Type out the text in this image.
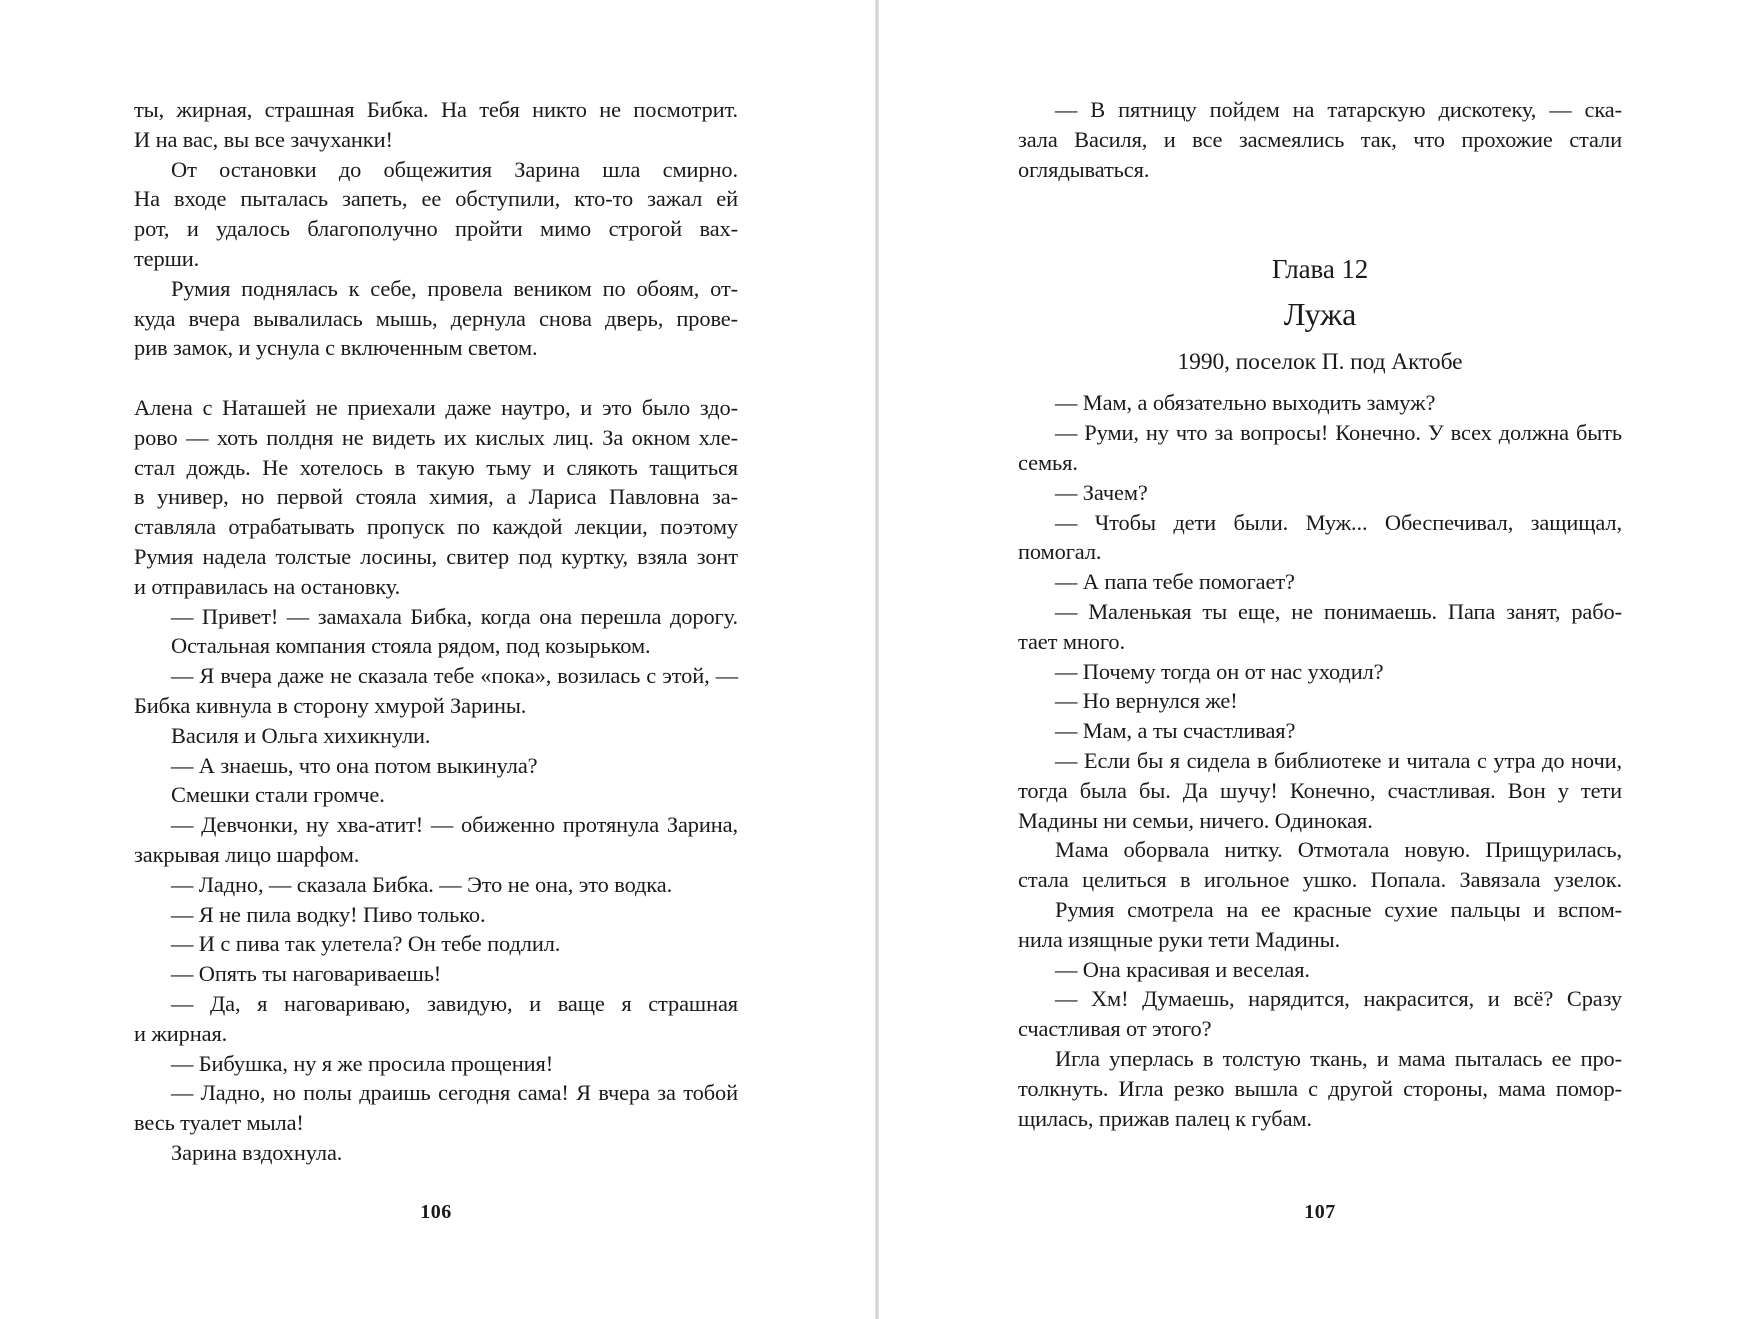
ты, жирная, страшная Бибка. На тебя никто не посмотрит.
И на вас, вы все зачуханки!
От остановки до общежития Зарина шла смирно.
На входе пыталась запеть, ее обступили, кто-то зажал ей
рот, и удалось благополучно пройти мимо строгой вах-
терши.
Румия поднялась к себе, провела веником по обоям, от-
куда вчера вывалилась мышь, дернула снова дверь, прове-
рив замок, и уснула с включенным светом.
Алена с Наташей не приехали даже наутро, и это было здо-
рово — хоть полдня не видеть их кислых лиц. За окном хле-
стал дождь. Не хотелось в такую тьму и слякоть тащиться
в универ, но первой стояла химия, а Лариса Павловна за-
ставляла отрабатывать пропуск по каждой лекции, поэтому
Румия надела толстые лосины, свитер под куртку, взяла зонт
и отправилась на остановку.
— Привет! — замахала Бибка, когда она перешла дорогу.
Остальная компания стояла рядом, под козырьком.
— Я вчера даже не сказала тебе «пока», возилась с этой, —
Бибка кивнула в сторону хмурой Зарины.
Василя и Ольга хихикнули.
— А знаешь, что она потом выкинула?
Смешки стали громче.
— Девчонки, ну хва-атит! — обиженно протянула Зарина,
закрывая лицо шарфом.
— Ладно, — сказала Бибка. — Это не она, это водка.
— Я не пила водку! Пиво только.
— И с пива так улетела? Он тебе подлил.
— Опять ты наговариваешь!
— Да, я наговариваю, завидую, и ваще я страшная
и жирная.
— Бибушка, ну я же просила прощения!
— Ладно, но полы драишь сегодня сама! Я вчера за тобой
весь туалет мыла!
Зарина вздохнула.
106
— В пятницу пойдем на татарскую дискотеку, — ска-
зала Василя, и все засмеялись так, что прохожие стали
оглядываться.
Глава 12
Лужа
1990, поселок П. под Актобе
— Мам, а обязательно выходить замуж?
— Руми, ну что за вопросы! Конечно. У всех должна быть
семья.
— Зачем?
— Чтобы дети были. Муж... Обеспечивал, защищал,
помогал.
— А папа тебе помогает?
— Маленькая ты еще, не понимаешь. Папа занят, рабо-
тает много.
— Почему тогда он от нас уходил?
— Но вернулся же!
— Мам, а ты счастливая?
— Если бы я сидела в библиотеке и читала с утра до ночи,
тогда была бы. Да шучу! Конечно, счастливая. Вон у тети
Мадины ни семьи, ничего. Одинокая.
Мама оборвала нитку. Отмотала новую. Прищурилась,
стала целиться в игольное ушко. Попала. Завязала узелок.
Румия смотрела на ее красные сухие пальцы и вспом-
нила изящные руки тети Мадины.
— Она красивая и веселая.
— Хм! Думаешь, нарядится, накрасится, и всё? Сразу
счастливая от этого?
Игла уперлась в толстую ткань, и мама пыталась ее про-
толкнуть. Игла резко вышла с другой стороны, мама помор-
щилась, прижав палец к губам.
107
